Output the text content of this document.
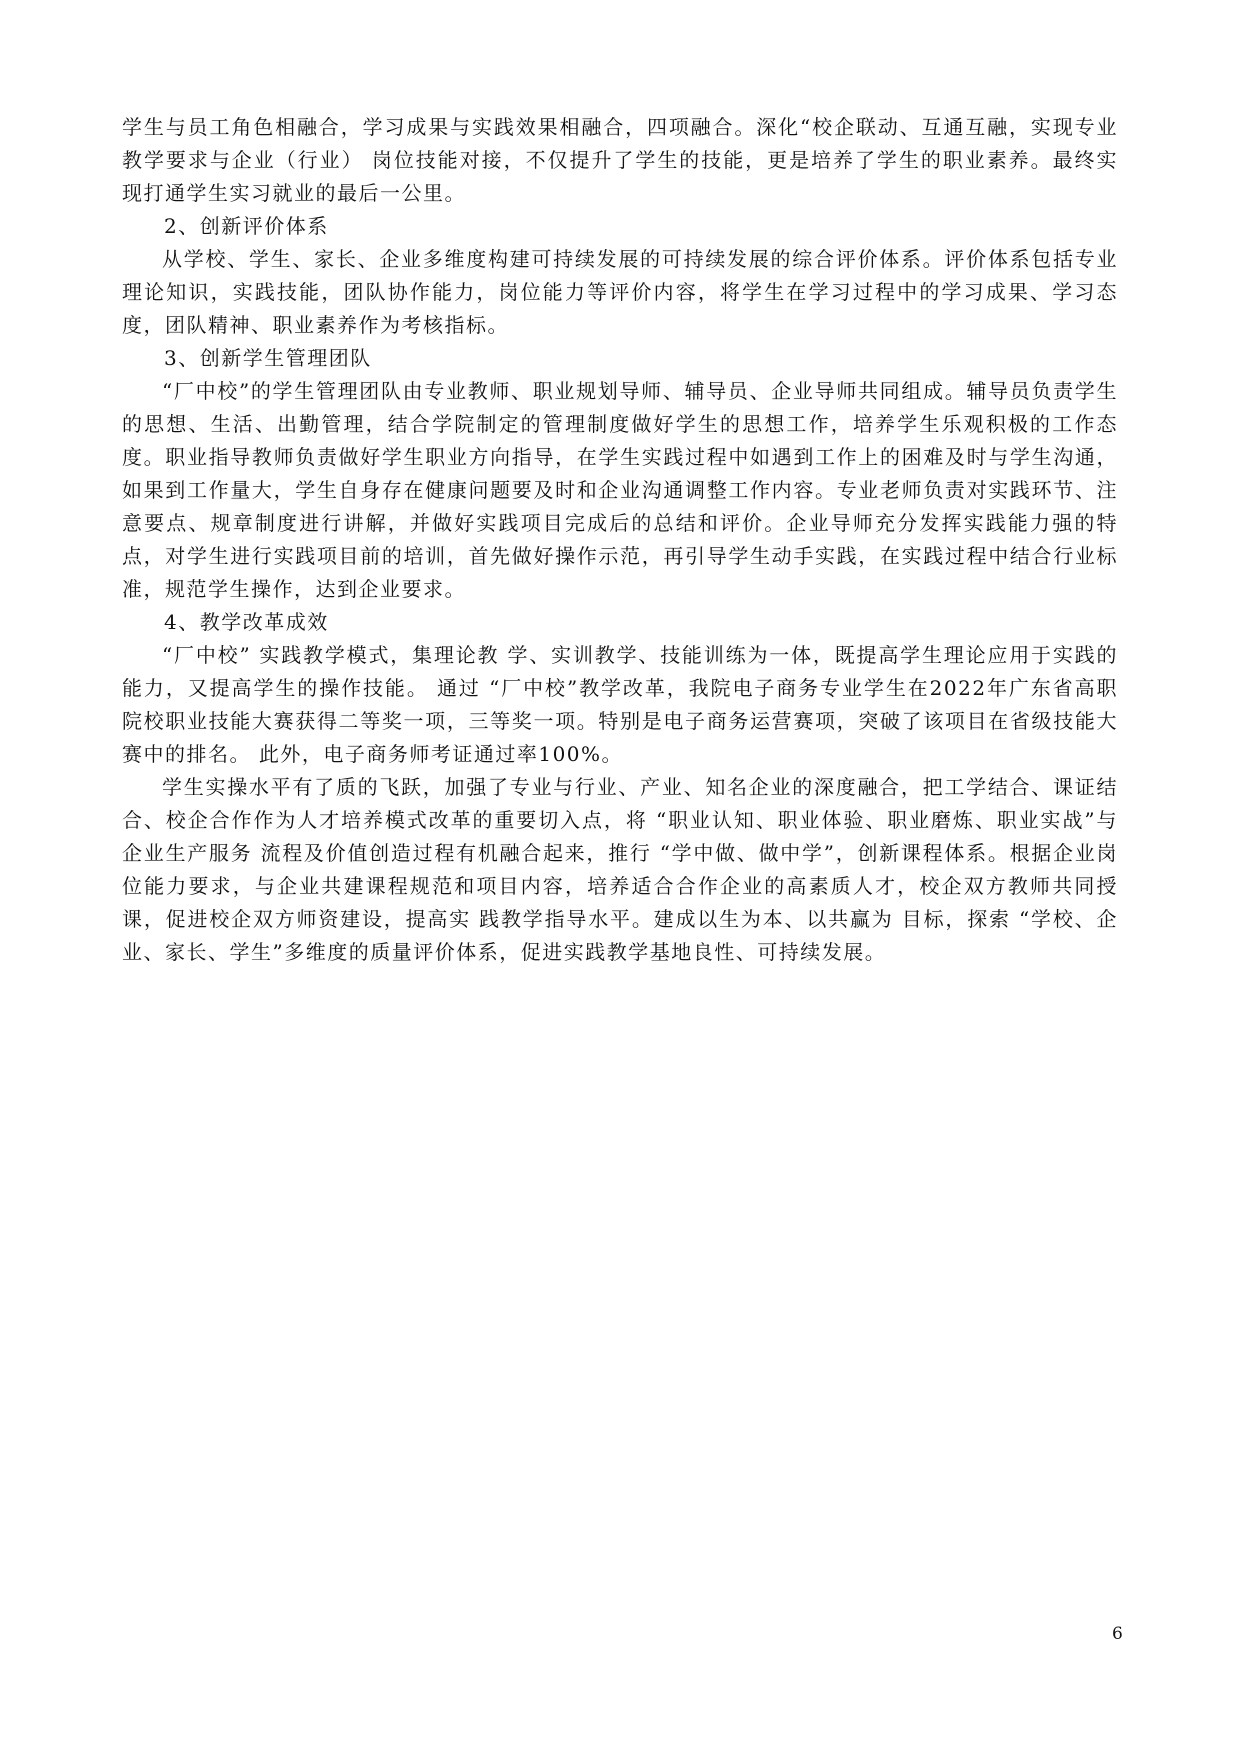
学生与员工角色相融合，学习成果与实践效果相融合，四项融合。深化“校企联动、互通互融，实现专业教学要求与企业（行业） 岗位技能对接，不仅提升了学生的技能，更是培养了学生的职业素养。最终实现打通学生实习就业的最后一公里。

2、创新评价体系

从学校、学生、家长、企业多维度构建可持续发展的可持续发展的综合评价体系。评价体系包括专业理论知识，实践技能，团队协作能力，岗位能力等评价内容，将学生在学习过程中的学习成果、学习态度，团队精神、职业素养作为考核指标。

3、创新学生管理团队

“厂中校”的学生管理团队由专业教师、职业规划导师、辅导员、企业导师共同组成。辅导员负责学生的思想、生活、出勤管理，结合学院制定的管理制度做好学生的思想工作，培养学生乐观积极的工作态度。职业指导教师负责做好学生职业方向指导，在学生实践过程中如遇到工作上的困难及时与学生沟通，如果到工作量大，学生自身存在健康问题要及时和企业沟通调整工作内容。专业老师负责对实践环节、注意要点、规章制度进行讲解，并做好实践项目完成后的总结和评价。企业导师充分发挥实践能力强的特点，对学生进行实践项目前的培训，首先做好操作示范，再引导学生动手实践，在实践过程中结合行业标准，规范学生操作，达到企业要求。

4、教学改革成效

“厂中校” 实践教学模式，集理论教 学、实训教学、技能训练为一体，既提高学生理论应用于实践的能力，又提高学生的操作技能。 通过 “厂中校”教学改革，我院电子商务专业学生在2022年广东省高职院校职业技能大赛获得二等奖一项，三等奖一项。特别是电子商务运营赛项，突破了该项目在省级技能大赛中的排名。 此外，电子商务师考证通过率100%。

学生实操水平有了质的飞跃，加强了专业与行业、产业、知名企业的深度融合，把工学结合、课证结合、校企合作作为人才培养模式改革的重要切入点，将 “职业认知、职业体验、职业磨炼、职业实战”与企业生产服务 流程及价值创造过程有机融合起来，推行 “学中做、做中学”，创新课程体系。根据企业岗位能力要求，与企业共建课程规范和项目内容，培养适合合作企业的高素质人才，校企双方教师共同授课，促进校企双方师资建设，提高实 践教学指导水平。建成以生为本、以共赢为 目标，探索 “学校、企业、家长、学生”多维度的质量评价体系，促进实践教学基地良性、可持续发展。

6
